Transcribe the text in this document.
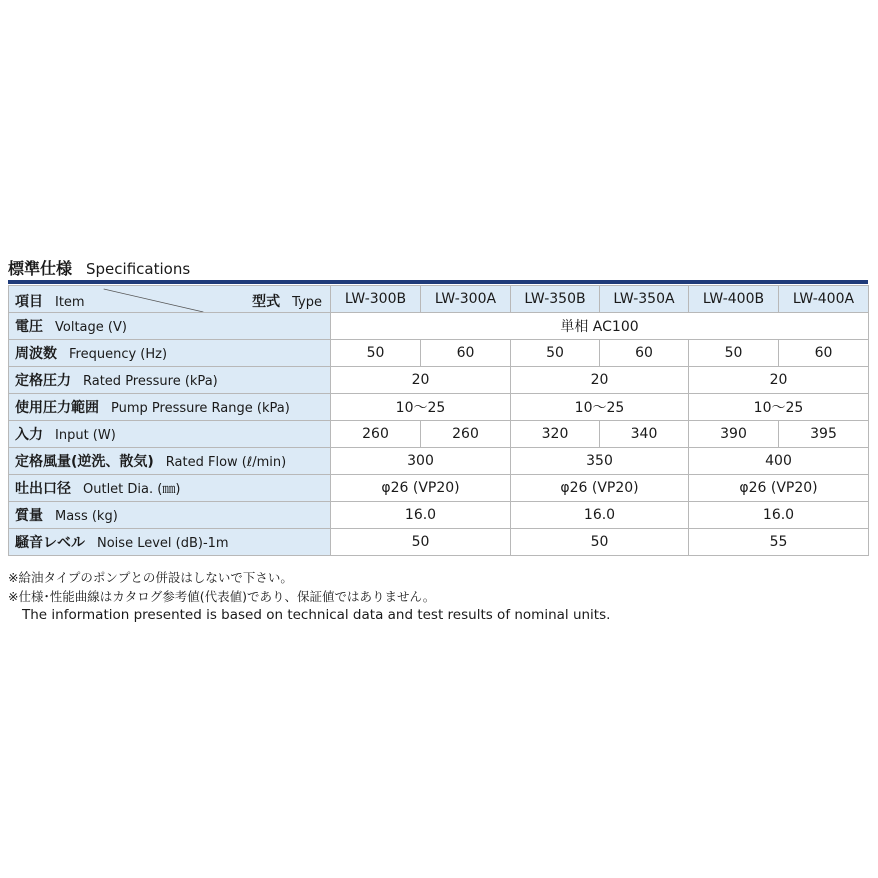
標準仕様 Specifications
項目 Item 型式 Type	LW-300B	LW-300A	LW-350B	LW-350A	LW-400B	LW-400A
電圧 Voltage (V)	単相 AC100					
周波数 Frequency (Hz)	50	60	50	60	50	60
定格圧力 Rated Pressure (kPa)	20		20		20	
使用圧力範囲 Pump Pressure Range (kPa)	10～25		10～25		10～25	
入力 Input (W)	260	260	320	340	390	395
定格風量(逆洗、散気) Rated Flow (ℓ/min)	300		350		400	
吐出口径 Outlet Dia. (㎜)	φ26 (VP20)		φ26 (VP20)		φ26 (VP20)	
質量 Mass (kg)	16.0		16.0		16.0	
騒音レベル Noise Level (dB)-1m	50		50		55	
※給油タイプのポンプとの併設はしないで下さい。
※仕様･性能曲線はカタログ参考値(代表値)であり、保証値ではありません。
The information presented is based on technical data and test results of nominal units.
